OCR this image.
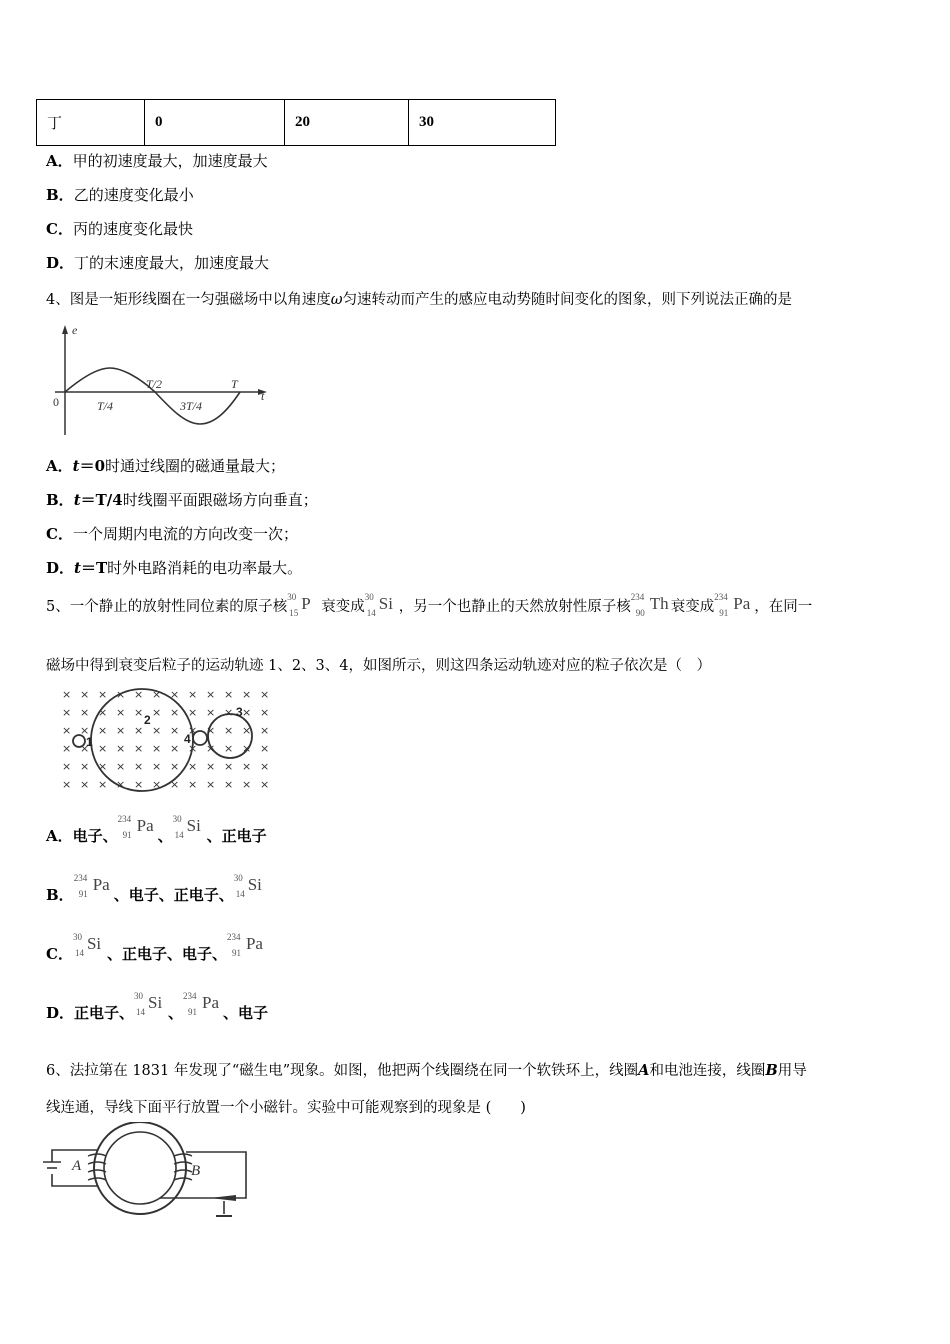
丁	0	20	30
A．甲的初速度最大，加速度最大
B．乙的速度变化最小
C．丙的速度变化最快
D．丁的末速度最大，加速度最大
4、图是一矩形线圈在一匀强磁场中以角速度ω匀速转动而产生的感应电动势随时间变化的图象，则下列说法正确的是
e
t
0	T/4
T/2
3T/4
T
A．t＝0时通过线圈的磁通量最大；
B．t＝T/4时线圈平面跟磁场方向垂直；
C．一个周期内电流的方向改变一次；
D．t＝T时外电路消耗的电功率最大。
5、一个静止的放射性同位素的原子核
30
15 P 衰变成
30
14 Si ，另一个也静止的天然放射性原子核
234
90 Th 衰变成
234
91 Pa ，在同一
磁场中得到衰变后粒子的运动轨迹 1、2、3、4，如图所示，则这四条运动轨迹对应的粒子依次是（　）
× × × × × × × × × × × ×
× × × × × × × × × × × ×
× × × × × × × × × × × ×
× × × × × × × × × × × ×
× × × × × × × × × × × ×
× × × × × × × × × × × ×
1
2
3
4
A．电子、
234
91 Pa
、
30
14 Si
、正电子
B．
234
91 Pa
、电子、正电子、
30
14 Si
C．
30
14 Si
、正电子、电子、
234
91 Pa
D．正电子、
30
14 Si
、
234
91 Pa
、电子
6、法拉第在 1831 年发现了“磁生电”现象。如图，他把两个线圈绕在同一个软铁环上，线圈A和电池连接，线圈B用导
线连通，导线下面平行放置一个小磁针。实验中可能观察到的现象是 (　　)
A	B
